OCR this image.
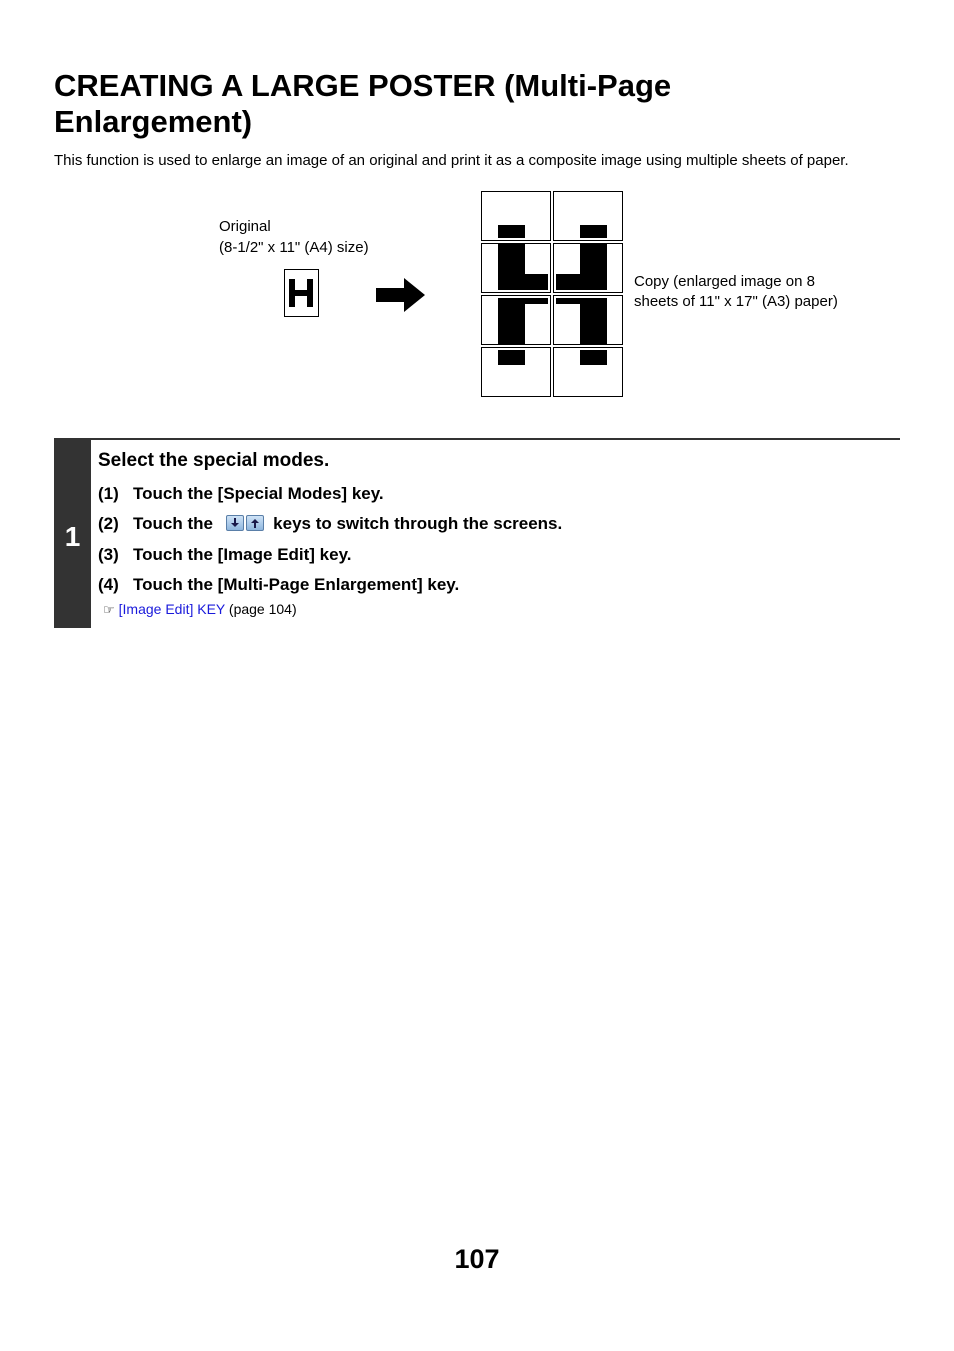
CREATING A LARGE POSTER (Multi-Page
Enlargement)
This function is used to enlarge an image of an original and print it as a composite image using multiple sheets of paper.
Original
(8-1/2" x 11" (A4) size)
Copy (enlarged image on 8
sheets of 11" x 17" (A3) paper)
1
Select the special modes.
(1) Touch the [Special Modes] key.
(2) Touch the	keys to switch through the screens.
(3) Touch the [Image Edit] key.
(4) Touch the [Multi-Page Enlargement] key.
☞ [Image Edit] KEY (page 104)
107
